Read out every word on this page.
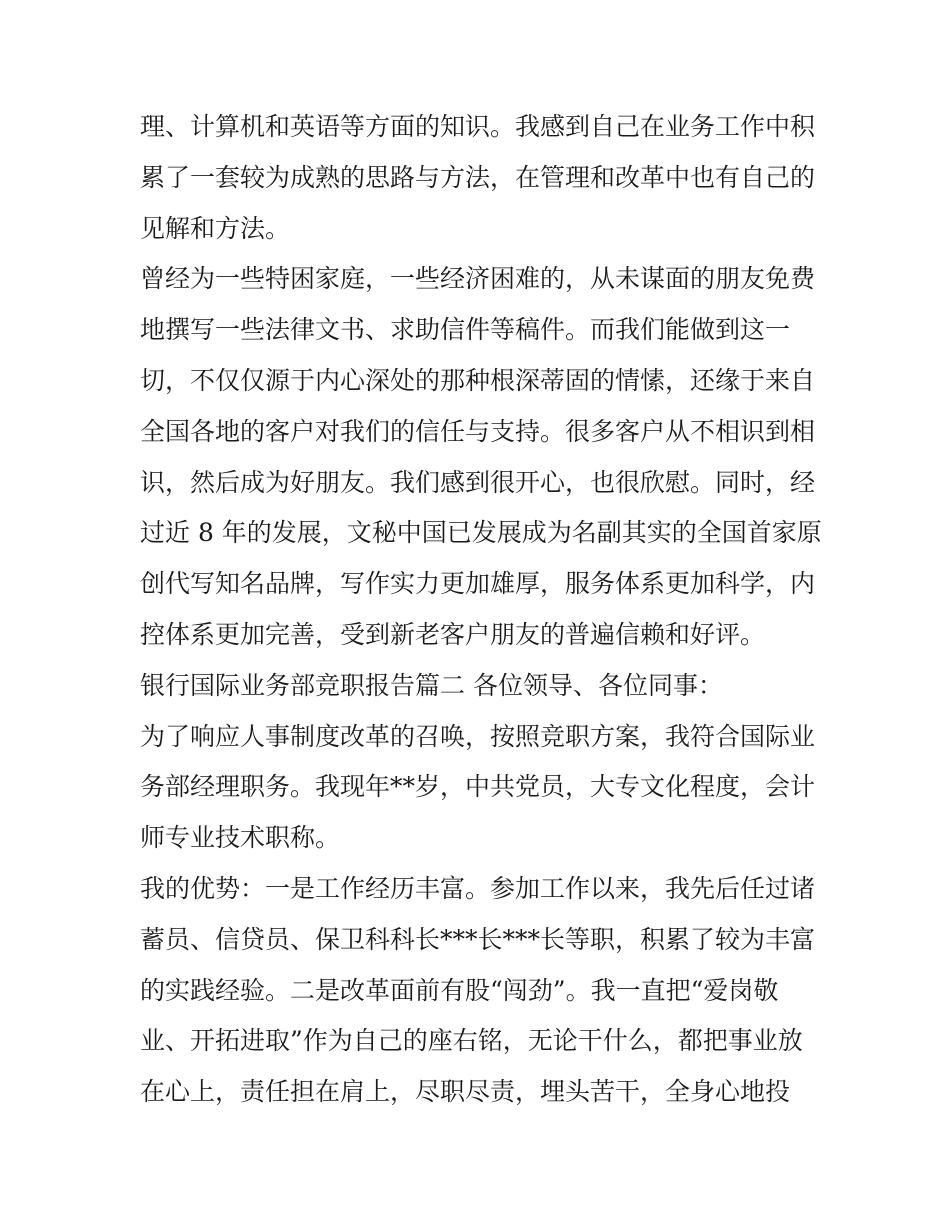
理、计算机和英语等方面的知识。我感到自己在业务工作中积
累了一套较为成熟的思路与方法，在管理和改革中也有自己的
见解和方法。
曾经为一些特困家庭，一些经济困难的，从未谋面的朋友免费
地撰写一些法律文书、求助信件等稿件。而我们能做到这一
切，不仅仅源于内心深处的那种根深蒂固的情愫，还缘于来自
全国各地的客户对我们的信任与支持。很多客户从不相识到相
识，然后成为好朋友。我们感到很开心，也很欣慰。同时，经
过近 8 年的发展，文秘中国已发展成为名副其实的全国首家原
创代写知名品牌，写作实力更加雄厚，服务体系更加科学，内
控体系更加完善，受到新老客户朋友的普遍信赖和好评。
银行国际业务部竞职报告篇二 各位领导、各位同事：
为了响应人事制度改革的召唤，按照竞职方案，我符合国际业
务部经理职务。我现年**岁，中共党员，大专文化程度，会计
师专业技术职称。
我的优势：一是工作经历丰富。参加工作以来，我先后任过诸
蓄员、信贷员、保卫科科长***长***长等职，积累了较为丰富
的实践经验。二是改革面前有股“闯劲”。我一直把“爱岗敬
业、开拓进取”作为自己的座右铭，无论干什么，都把事业放
在心上，责任担在肩上，尽职尽责，埋头苦干，全身心地投
